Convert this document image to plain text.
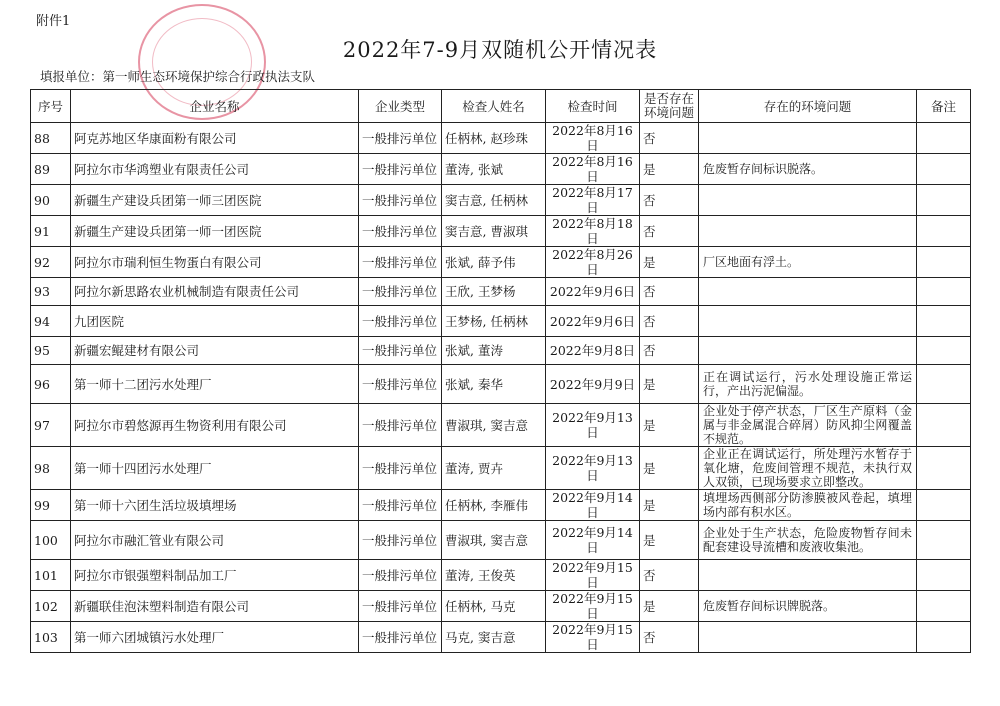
附件1
2022年7-9月双随机公开情况表
填报单位：第一师生态环境保护综合行政执法支队
序号	企业名称	企业类型	检查人姓名	检查时间	是否存在环境问题	存在的环境问题	备注
88	阿克苏地区华康面粉有限公司	一般排污单位	任柄林, 赵珍珠	2022年8月16日	否		
89	阿拉尔市华鸿塑业有限责任公司	一般排污单位	董涛, 张斌	2022年8月16日	是	危废暂存间标识脱落。	
90	新疆生产建设兵团第一师三团医院	一般排污单位	窦吉意, 任柄林	2022年8月17日	否		
91	新疆生产建设兵团第一师一团医院	一般排污单位	窦吉意, 曹淑琪	2022年8月18日	否		
92	阿拉尔市瑞利恒生物蛋白有限公司	一般排污单位	张斌, 薛予伟	2022年8月26日	是	厂区地面有浮土。	
93	阿拉尔新思路农业机械制造有限责任公司	一般排污单位	王欣, 王梦杨	2022年9月6日	否		
94	九团医院	一般排污单位	王梦杨, 任柄林	2022年9月6日	否		
95	新疆宏鲲建材有限公司	一般排污单位	张斌, 董涛	2022年9月8日	否		
96	第一师十二团污水处理厂	一般排污单位	张斌, 秦华	2022年9月9日	是	正在调试运行，污水处理设施正常运行，产出污泥偏湿。	
97	阿拉尔市碧悠源再生物资利用有限公司	一般排污单位	曹淑琪, 窦吉意	2022年9月13日	是	企业处于停产状态，厂区生产原料（金属与非金属混合碎屑）防风抑尘网覆盖不规范。	
98	第一师十四团污水处理厂	一般排污单位	董涛, 贾卉	2022年9月13日	是	企业正在调试运行，所处理污水暂存于氧化塘，危废间管理不规范，未执行双人双锁，已现场要求立即整改。	
99	第一师十六团生活垃圾填埋场	一般排污单位	任柄林, 李雁伟	2022年9月14日	是	填埋场西侧部分防渗膜被风卷起，填埋场内部有积水区。	
100	阿拉尔市融汇管业有限公司	一般排污单位	曹淑琪, 窦吉意	2022年9月14日	是	企业处于生产状态，危险废物暂存间未配套建设导流槽和废液收集池。	
101	阿拉尔市银强塑料制品加工厂	一般排污单位	董涛, 王俊英	2022年9月15日	否		
102	新疆联佳泡沫塑料制造有限公司	一般排污单位	任柄林, 马克	2022年9月15日	是	危废暂存间标识牌脱落。	
103	第一师六团城镇污水处理厂	一般排污单位	马克, 窦吉意	2022年9月15日	否		
